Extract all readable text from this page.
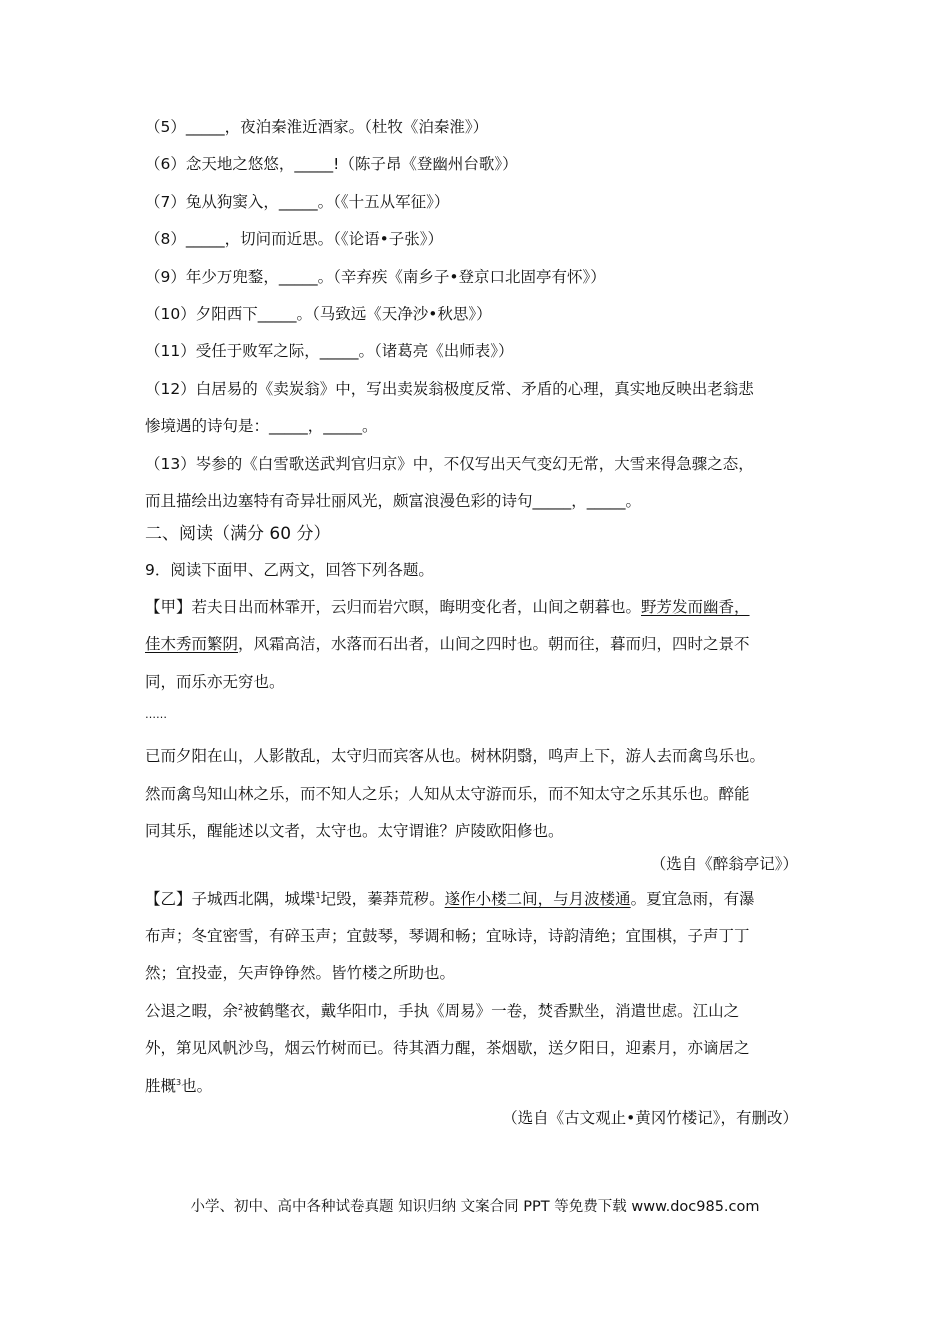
（5）_____，夜泊秦淮近酒家。（杜牧《泊秦淮》）
（6）念天地之悠悠，_____!（陈子昂《登幽州台歌》）
（7）兔从狗窦入，_____。（《十五从军征》）
（8）_____，切问而近思。（《论语•子张》）
（9）年少万兜鍪，_____。（辛弃疾《南乡子•登京口北固亭有怀》）
（10）夕阳西下_____。（马致远《天净沙•秋思》）
（11）受任于败军之际，_____。（诸葛亮《出师表》）
（12）白居易的《卖炭翁》中，写出卖炭翁极度反常、矛盾的心理，真实地反映出老翁悲
惨境遇的诗句是：_____，_____。
（13）岑参的《白雪歌送武判官归京》中，不仅写出天气变幻无常，大雪来得急骤之态，
而且描绘出边塞特有奇异壮丽风光，颇富浪漫色彩的诗句_____，_____。
二、阅读（满分 60 分）
9．阅读下面甲、乙两文，回答下列各题。
【甲】若夫日出而林霏开，云归而岩穴暝，晦明变化者，山间之朝暮也。野芳发而幽香，
佳木秀而繁阴，风霜高洁，水落而石出者，山间之四时也。朝而往，暮而归，四时之景不
同，而乐亦无穷也。
……
已而夕阳在山，人影散乱，太守归而宾客从也。树林阴翳，鸣声上下，游人去而禽鸟乐也。
然而禽鸟知山林之乐，而不知人之乐；人知从太守游而乐，而不知太守之乐其乐也。醉能
同其乐，醒能述以文者，太守也。太守谓谁？庐陵欧阳修也。
（选自《醉翁亭记》）
【乙】子城西北隅，城堞$^1$圮毁，蓁莽荒秽。遂作小楼二间，与月波楼通。夏宜急雨，有瀑
布声；冬宜密雪，有碎玉声；宜鼓琴，琴调和畅；宜咏诗，诗韵清绝；宜围棋，子声丁丁
然；宜投壶，矢声铮铮然。皆竹楼之所助也。
公退之暇，余$^2$被鹤氅衣，戴华阳巾，手执《周易》一卷，焚香默坐，消遣世虑。江山之
外，第见风帆沙鸟，烟云竹树而已。待其酒力醒，茶烟歇，送夕阳日，迎素月，亦谪居之
胜概$^3$也。
（选自《古文观止•黄冈竹楼记》，有删改）
小学、初中、高中各种试卷真题 知识归纳 文案合同 PPT 等免费下载 www.doc985.com
